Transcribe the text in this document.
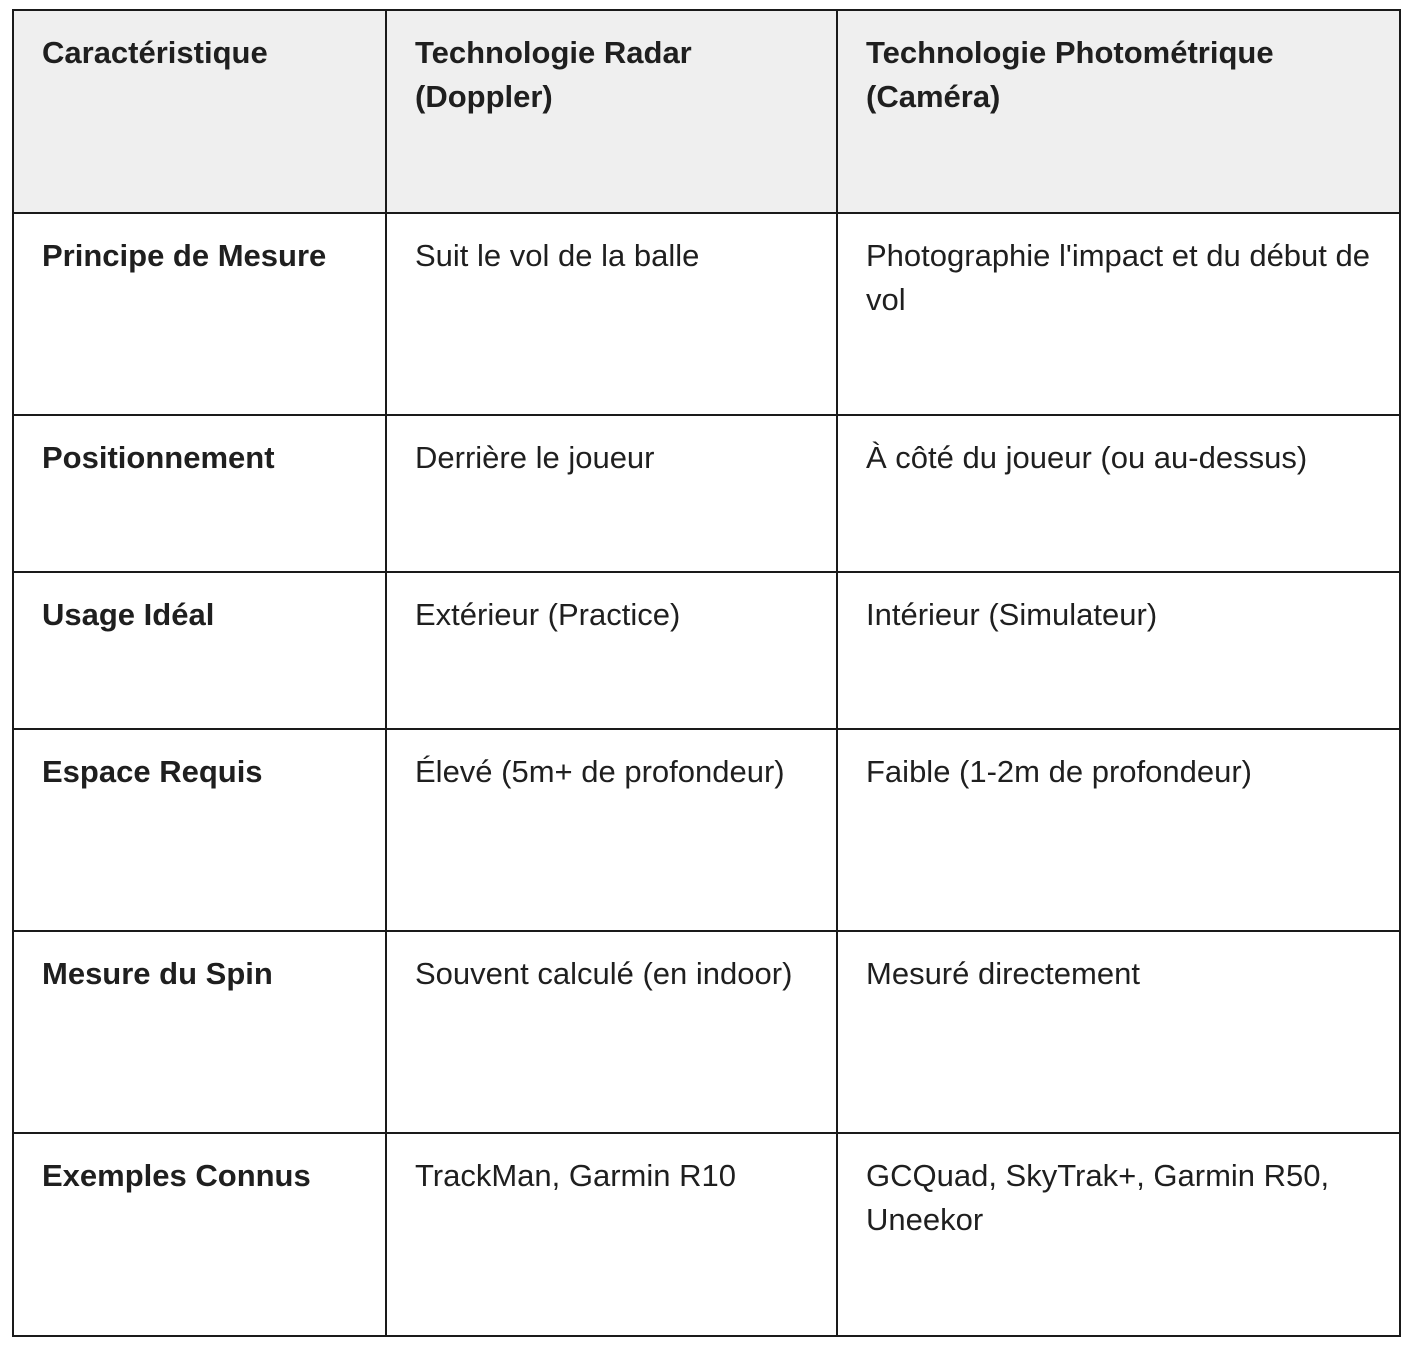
Caractéristique	Technologie Radar (Doppler)	Technologie Photométrique (Caméra)
Principe de Mesure	Suit le vol de la balle	Photographie l'impact et du début de vol
Positionnement	Derrière le joueur	À côté du joueur (ou au-dessus)
Usage Idéal	Extérieur (Practice)	Intérieur (Simulateur)
Espace Requis	Élevé (5m+ de profondeur)	Faible (1-2m de profondeur)
Mesure du Spin	Souvent calculé (en indoor)	Mesuré directement
Exemples Connus	TrackMan, Garmin R10	GCQuad, SkyTrak+, Garmin R50, Uneekor
